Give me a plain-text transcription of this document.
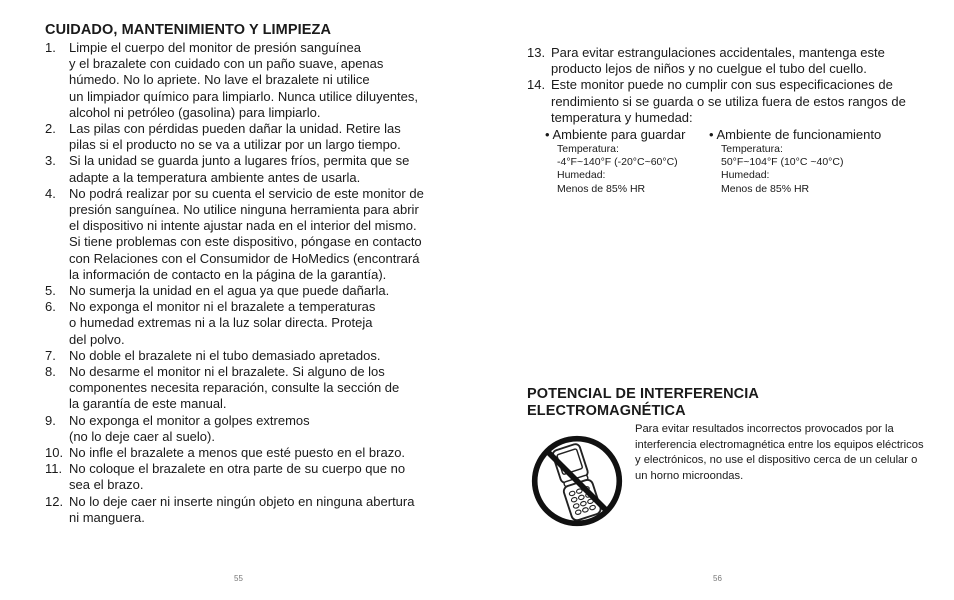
CUIDADO, MANTENIMIENTO Y LIMPIEZA
1. Limpie el cuerpo del monitor de presión sanguínea
y el brazalete con cuidado con un paño suave, apenas
húmedo. No lo apriete. No lave el brazalete ni utilice
un limpiador químico para limpiarlo. Nunca utilice diluyentes,
alcohol ni petróleo (gasolina) para limpiarlo.
2. Las pilas con pérdidas pueden dañar la unidad. Retire las
pilas si el producto no se va a utilizar por un largo tiempo.
3. Si la unidad se guarda junto a lugares fríos, permita que se
adapte a la temperatura ambiente antes de usarla.
4. No podrá realizar por su cuenta el servicio de este monitor de
presión sanguínea. No utilice ninguna herramienta para abrir
el dispositivo ni intente ajustar nada en el interior del mismo.
Si tiene problemas con este dispositivo, póngase en contacto
con Relaciones con el Consumidor de HoMedics (encontrará
la información de contacto en la página de la garantía).
5. No sumerja la unidad en el agua ya que puede dañarla.
6. No exponga el monitor ni el brazalete a temperaturas
o humedad extremas ni a la luz solar directa. Proteja
del polvo.
7. No doble el brazalete ni el tubo demasiado apretados.
8. No desarme el monitor ni el brazalete. Si alguno de los
componentes necesita reparación, consulte la sección de
la garantía de este manual.
9. No exponga el monitor a golpes extremos
(no lo deje caer al suelo).
10. No infle el brazalete a menos que esté puesto en el brazo.
11. No coloque el brazalete en otra parte de su cuerpo que no
sea el brazo.
12. No lo deje caer ni inserte ningún objeto en ninguna abertura
ni manguera.
55
13. Para evitar estrangulaciones accidentales, mantenga este
producto lejos de niños y no cuelgue el tubo del cuello.
14. Este monitor puede no cumplir con sus especificaciones de
rendimiento si se guarda o se utiliza fuera de estos rangos de
temperatura y humedad:
• Ambiente para guardar
Temperatura:
-4°F~140°F (-20°C~60°C)
Humedad:
Menos de 85% HR
• Ambiente de funcionamiento
Temperatura:
50°F~104°F (10°C ~40°C)
Humedad:
Menos de 85% HR
POTENCIAL DE INTERFERENCIA ELECTROMAGNÉTICA
Para evitar resultados incorrectos provocados por la interferencia electromagnética entre los equipos eléctricos y electrónicos, no use el dispositivo cerca de un celular o un horno microondas.
56
